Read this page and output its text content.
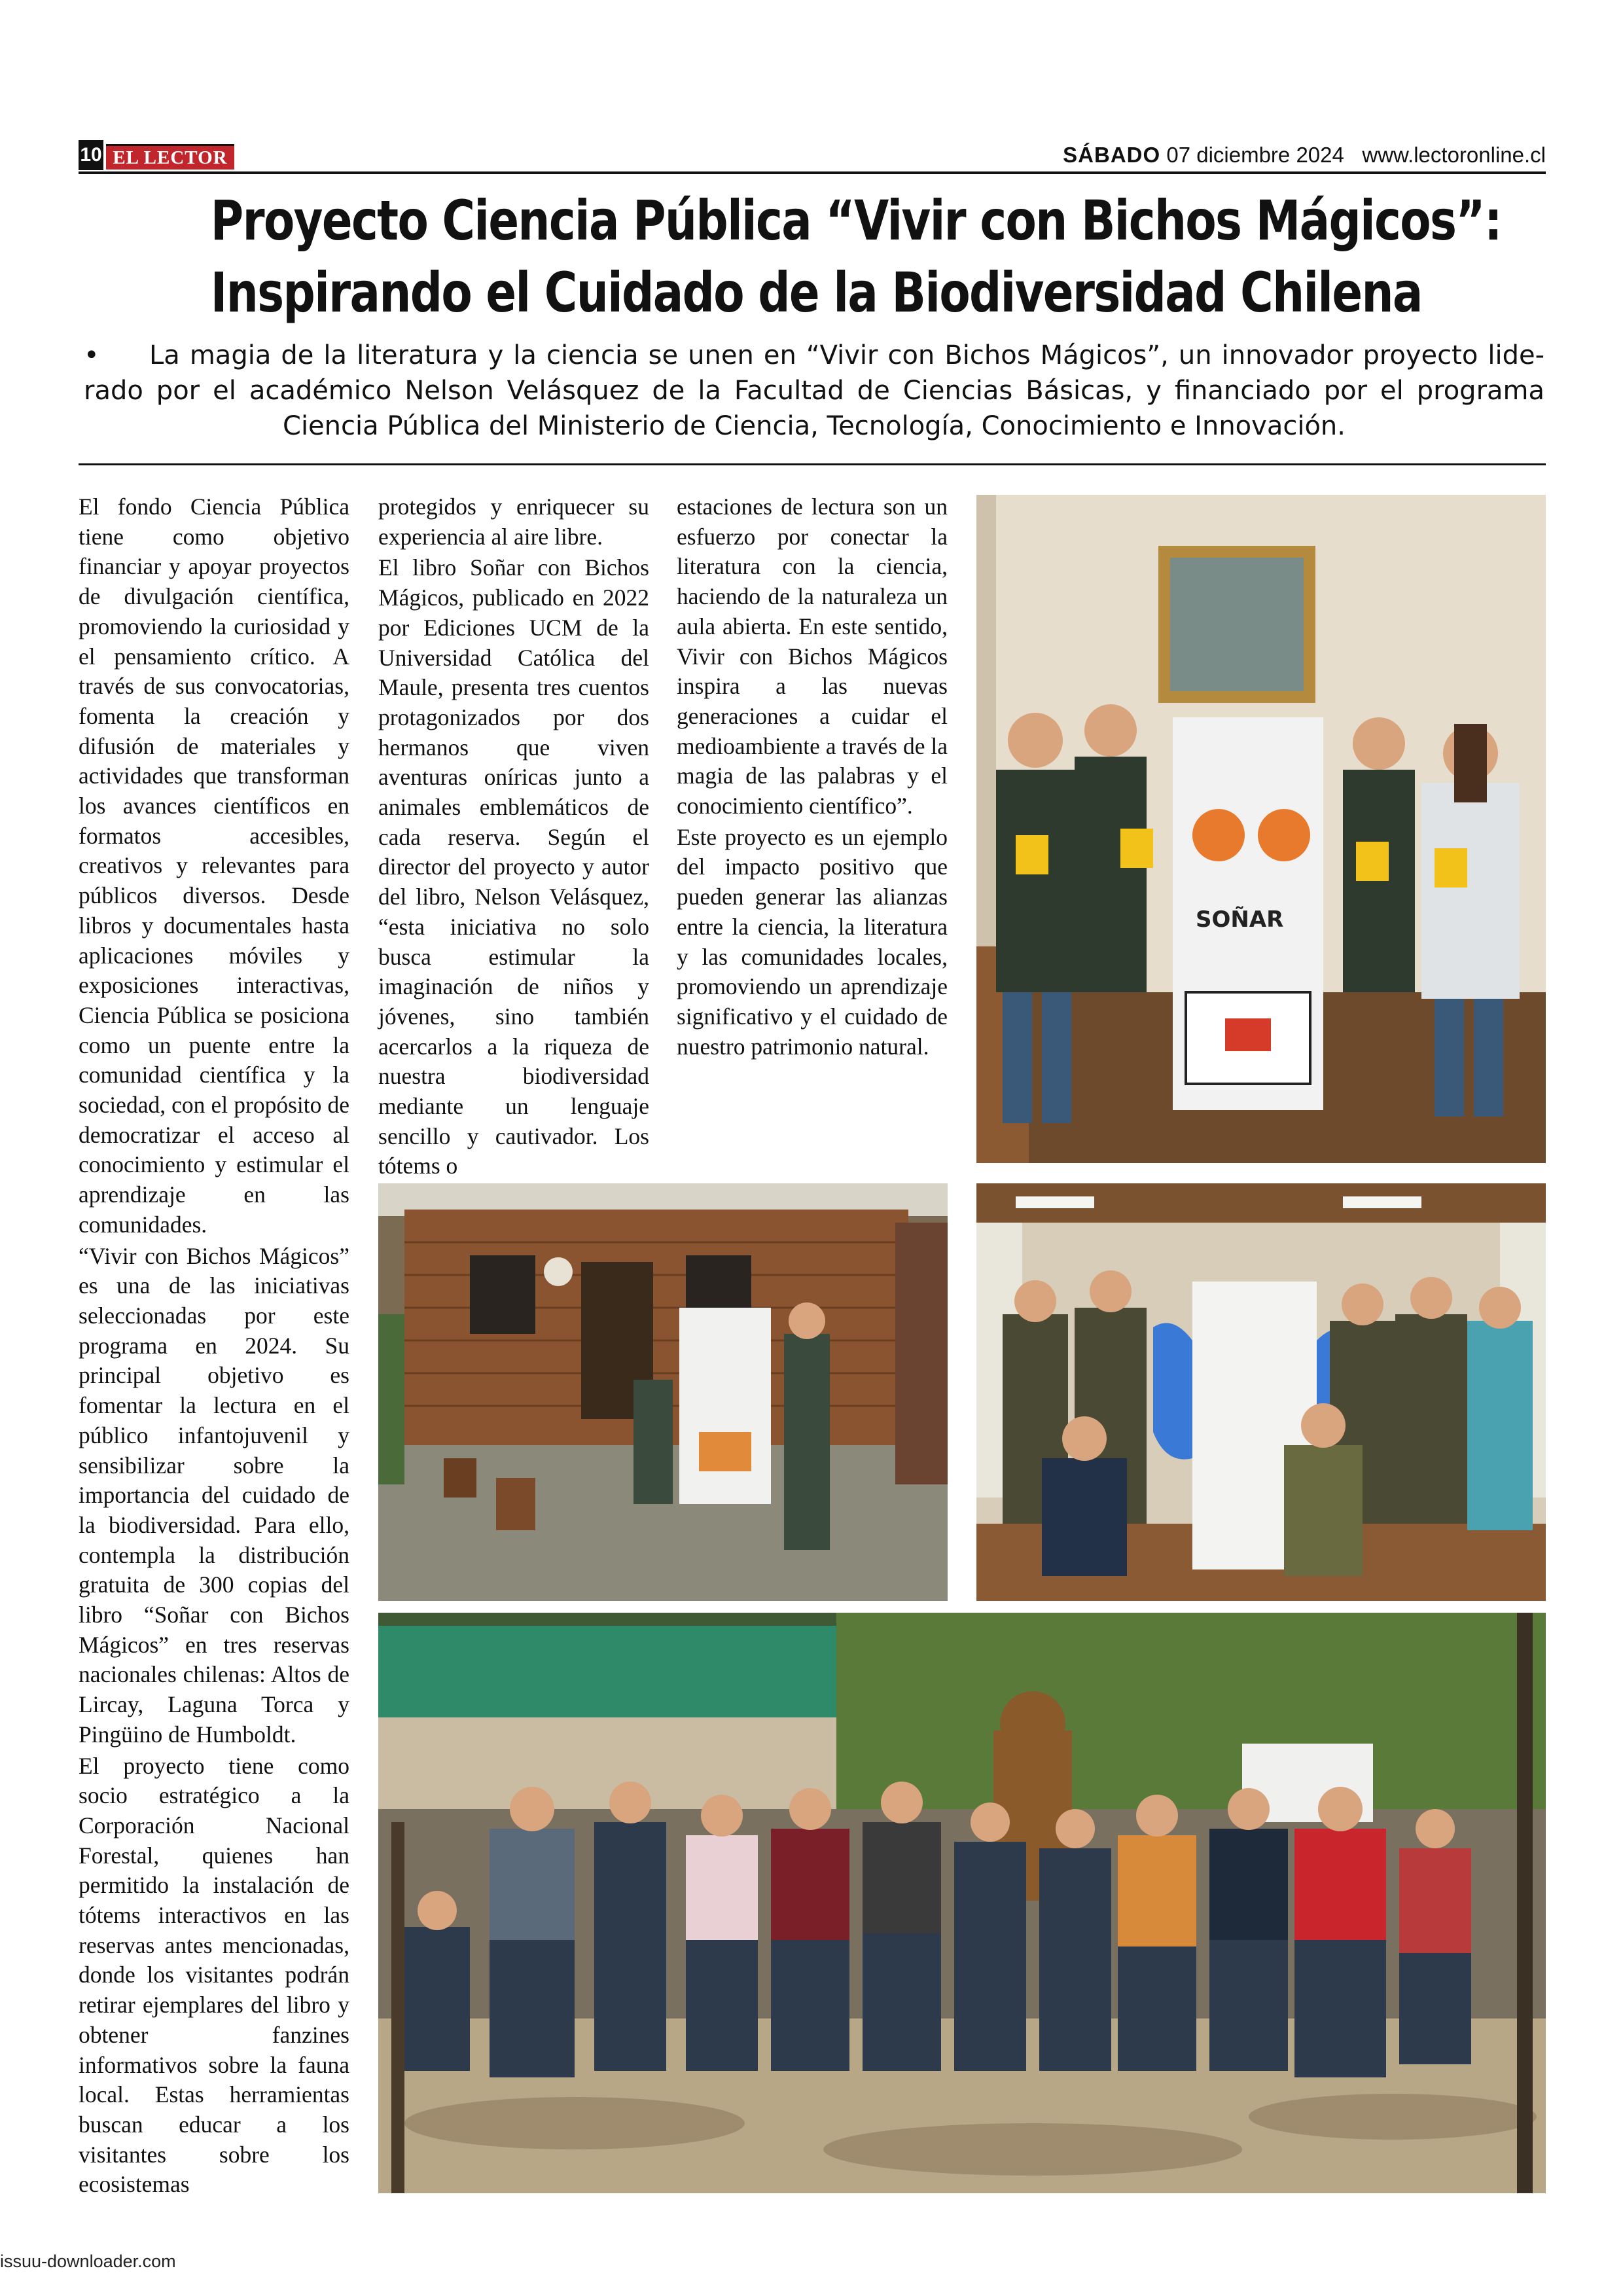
10 EL LECTOR	SÁBADO 07 diciembre 2024 www.lectoronline.cl
Proyecto Ciencia Pública “Vivir con Bichos Mágicos”:
Inspirando el Cuidado de la Biodiversidad Chilena
• La magia de la literatura y la ciencia se unen en “Vivir con Bichos Mágicos”, un innovador proyecto lide-
rado por el académico Nelson Velásquez de la Facultad de Ciencias Básicas, y financiado por el programa
Ciencia Pública del Ministerio de Ciencia, Tecnología, Conocimiento e Innovación.

El fondo Ciencia Pública tiene como objetivo financiar y apoyar proyectos de divulgación científica, promoviendo la curiosidad y el pensamiento crítico. A través de sus convocatorias, fomenta la creación y difusión de materiales y actividades que transforman los avances científicos en formatos accesibles, creativos y relevantes para públicos diversos. Desde libros y documentales hasta aplicaciones móviles y exposiciones interactivas, Ciencia Pública se posiciona como un puente entre la comunidad científica y la sociedad, con el propósito de democratizar el acceso al conocimiento y estimular el aprendizaje en las comunidades.

“Vivir con Bichos Mágicos” es una de las iniciativas seleccionadas por este programa en 2024. Su principal objetivo es fomentar la lectura en el público infantojuvenil y sensibilizar sobre la importancia del cuidado de la biodiversidad. Para ello, contempla la distribución gratuita de 300 copias del libro “Soñar con Bichos Mágicos” en tres reservas nacionales chilenas: Altos de Lircay, Laguna Torca y Pingüino de Humboldt.

El proyecto tiene como socio estratégico a la Corporación Nacional Forestal, quienes han permitido la instalación de tótems interactivos en las reservas antes mencionadas, donde los visitantes podrán retirar ejemplares del libro y obtener fanzines informativos sobre la fauna local. Estas herramientas buscan educar a los visitantes sobre los ecosistemas

protegidos y enriquecer su experiencia al aire libre.

El libro Soñar con Bichos Mágicos, publicado en 2022 por Ediciones UCM de la Universidad Católica del Maule, presenta tres cuentos protagonizados por dos hermanos que viven aventuras oníricas junto a animales emblemáticos de cada reserva. Según el director del proyecto y autor del libro, Nelson Velásquez, “esta iniciativa no solo busca estimular la imaginación de niños y jóvenes, sino también acercarlos a la riqueza de nuestra biodiversidad mediante un lenguaje sencillo y cautivador. Los tótems o

estaciones de lectura son un esfuerzo por conectar la literatura con la ciencia, haciendo de la naturaleza un aula abierta. En este sentido, Vivir con Bichos Mágicos inspira a las nuevas generaciones a cuidar el medioambiente a través de la magia de las palabras y el conocimiento científico”.

Este proyecto es un ejemplo del impacto positivo que pueden generar las alianzas entre la ciencia, la literatura y las comunidades locales, promoviendo un aprendizaje significativo y el cuidado de nuestro patrimonio natural.

SOÑAR
issuu-downloader.com
